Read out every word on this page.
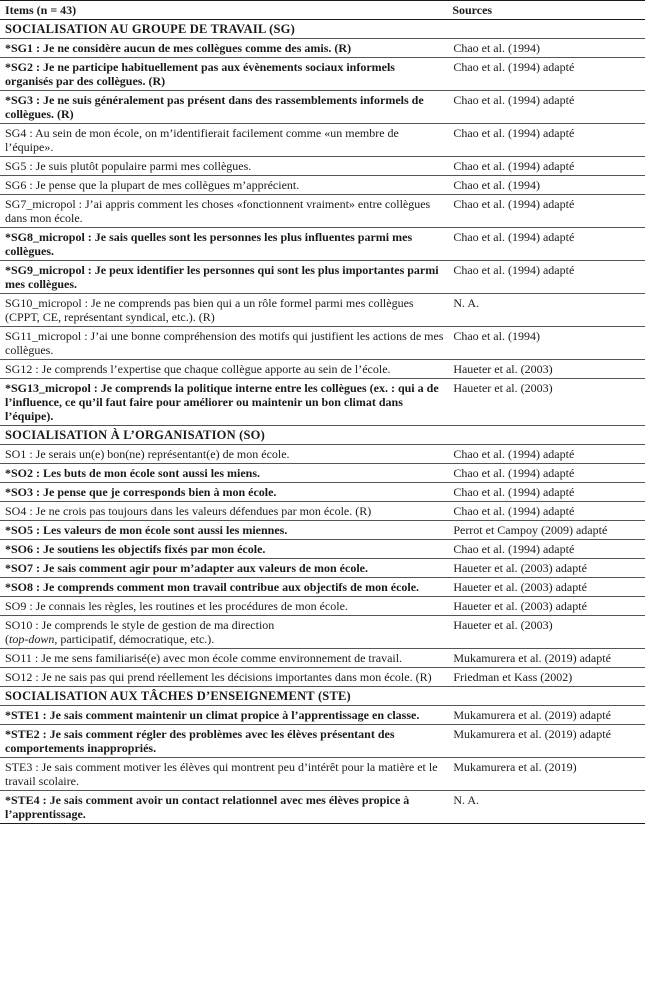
Items (n = 43)	Sources
SOCIALISATION AU GROUPE DE TRAVAIL (SG)	
*SG1 : Je ne considère aucun de mes collègues comme des amis. (R)	Chao et al. (1994)
*SG2 : Je ne participe habituellement pas aux évènements sociaux informels organisés par des collègues. (R)	Chao et al. (1994) adapté
*SG3 : Je ne suis généralement pas présent dans des rassemblements informels de collègues. (R)	Chao et al. (1994) adapté
SG4 : Au sein de mon école, on m’identifierait facilement comme «un membre de l’équipe».	Chao et al. (1994) adapté
SG5 : Je suis plutôt populaire parmi mes collègues.	Chao et al. (1994) adapté
SG6 : Je pense que la plupart de mes collègues m’apprécient.	Chao et al. (1994)
SG7_micropol : J’ai appris comment les choses «fonctionnent vraiment» entre collègues dans mon école.	Chao et al. (1994) adapté
*SG8_micropol : Je sais quelles sont les personnes les plus influentes parmi mes collègues.	Chao et al. (1994) adapté
*SG9_micropol : Je peux identifier les personnes qui sont les plus importantes parmi mes collègues.	Chao et al. (1994) adapté
SG10_micropol : Je ne comprends pas bien qui a un rôle formel parmi mes collègues (CPPT, CE, représentant syndical, etc.). (R)	N. A.
SG11_micropol : J’ai une bonne compréhension des motifs qui justifient les actions de mes collègues.	Chao et al. (1994)
SG12 : Je comprends l’expertise que chaque collègue apporte au sein de l’école.	Haueter et al. (2003)
*SG13_micropol : Je comprends la politique interne entre les collègues (ex. : qui a de l’influence, ce qu’il faut faire pour améliorer ou maintenir un bon climat dans l’équipe).	Haueter et al. (2003)
SOCIALISATION À L’ORGANISATION (SO)	
SO1 : Je serais un(e) bon(ne) représentant(e) de mon école.	Chao et al. (1994) adapté
*SO2 : Les buts de mon école sont aussi les miens.	Chao et al. (1994) adapté
*SO3 : Je pense que je corresponds bien à mon école.	Chao et al. (1994) adapté
SO4 : Je ne crois pas toujours dans les valeurs défendues par mon école. (R)	Chao et al. (1994) adapté
*SO5 : Les valeurs de mon école sont aussi les miennes.	Perrot et Campoy (2009) adapté
*SO6 : Je soutiens les objectifs fixés par mon école.	Chao et al. (1994) adapté
*SO7 : Je sais comment agir pour m’adapter aux valeurs de mon école.	Haueter et al. (2003) adapté
*SO8 : Je comprends comment mon travail contribue aux objectifs de mon école.	Haueter et al. (2003) adapté
SO9 : Je connais les règles, les routines et les procédures de mon école.	Haueter et al. (2003) adapté
SO10 : Je comprends le style de gestion de ma direction
(top-down, participatif, démocratique, etc.).	Haueter et al. (2003)
SO11 : Je me sens familiarisé(e) avec mon école comme environnement de travail.	Mukamurera et al. (2019) adapté
SO12 : Je ne sais pas qui prend réellement les décisions importantes dans mon école. (R)	Friedman et Kass (2002)
SOCIALISATION AUX TÂCHES D’ENSEIGNEMENT (STE)	
*STE1 : Je sais comment maintenir un climat propice à l’apprentissage en classe.	Mukamurera et al. (2019) adapté
*STE2 : Je sais comment régler des problèmes avec les élèves présentant des comportements inappropriés.	Mukamurera et al. (2019) adapté
STE3 : Je sais comment motiver les élèves qui montrent peu d’intérêt pour la matière et le travail scolaire.	Mukamurera et al. (2019)
*STE4 : Je sais comment avoir un contact relationnel avec mes élèves propice à l’apprentissage.	N. A.
